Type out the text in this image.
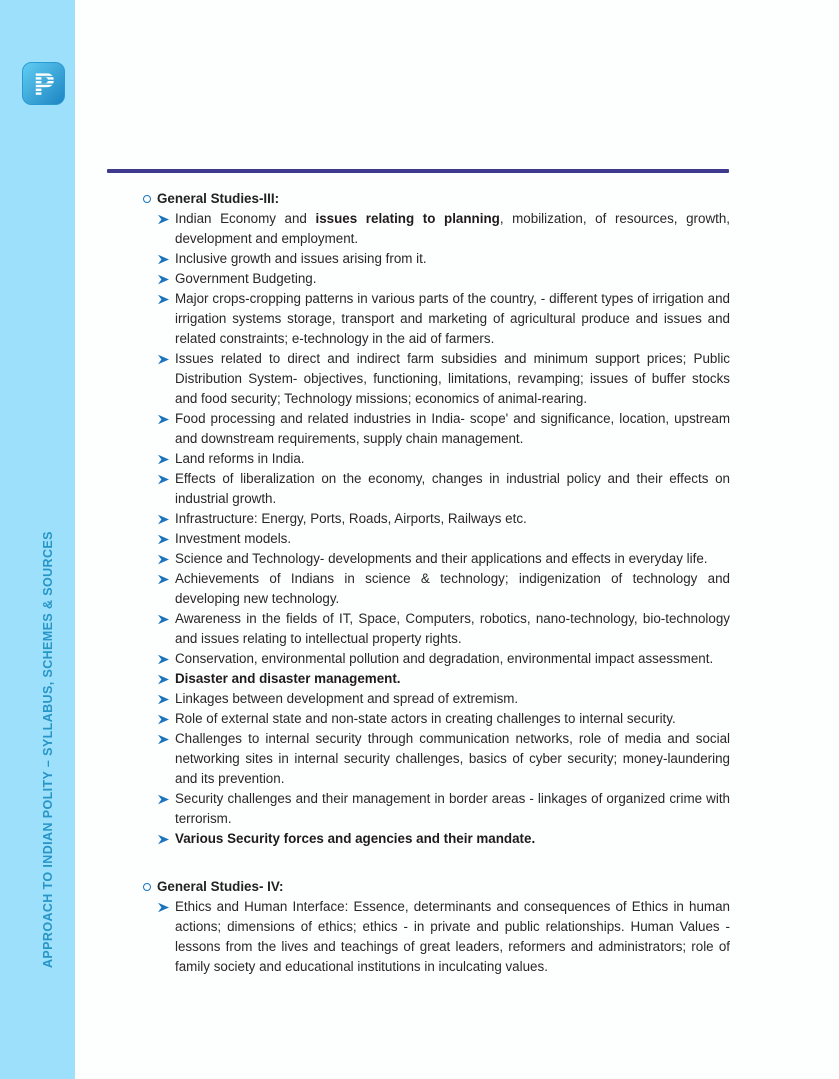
P
APPROACH TO INDIAN POLITY – SYLLABUS, SCHEMES & SOURCES
General Studies-III:
Indian Economy and issues relating to planning, mobilization, of resources, growth, development and employment.
Inclusive growth and issues arising from it.
Government Budgeting.
Major crops-cropping patterns in various parts of the country, - different types of irrigation and irrigation systems storage, transport and marketing of agricultural produce and issues and related constraints; e-technology in the aid of farmers.
Issues related to direct and indirect farm subsidies and minimum support prices; Public Distribution System- objectives, functioning, limitations, revamping; issues of buffer stocks and food security; Technology missions; economics of animal-rearing.
Food processing and related industries in India- scope' and significance, location, upstream and downstream requirements, supply chain management.
Land reforms in India.
Effects of liberalization on the economy, changes in industrial policy and their effects on industrial growth.
Infrastructure: Energy, Ports, Roads, Airports, Railways etc.
Investment models.
Science and Technology- developments and their applications and effects in everyday life.
Achievements of Indians in science & technology; indigenization of technology and developing new technology.
Awareness in the fields of IT, Space, Computers, robotics, nano-technology, bio-technology and issues relating to intellectual property rights.
Conservation, environmental pollution and degradation, environmental impact assessment.
Disaster and disaster management.
Linkages between development and spread of extremism.
Role of external state and non-state actors in creating challenges to internal security.
Challenges to internal security through communication networks, role of media and social networking sites in internal security challenges, basics of cyber security; money-laundering and its prevention.
Security challenges and their management in border areas - linkages of organized crime with terrorism.
Various Security forces and agencies and their mandate.
General Studies- IV:
Ethics and Human Interface: Essence, determinants and consequences of Ethics in human actions; dimensions of ethics; ethics - in private and public relationships. Human Values -lessons from the lives and teachings of great leaders, reformers and administrators; role of family society and educational institutions in inculcating values.
